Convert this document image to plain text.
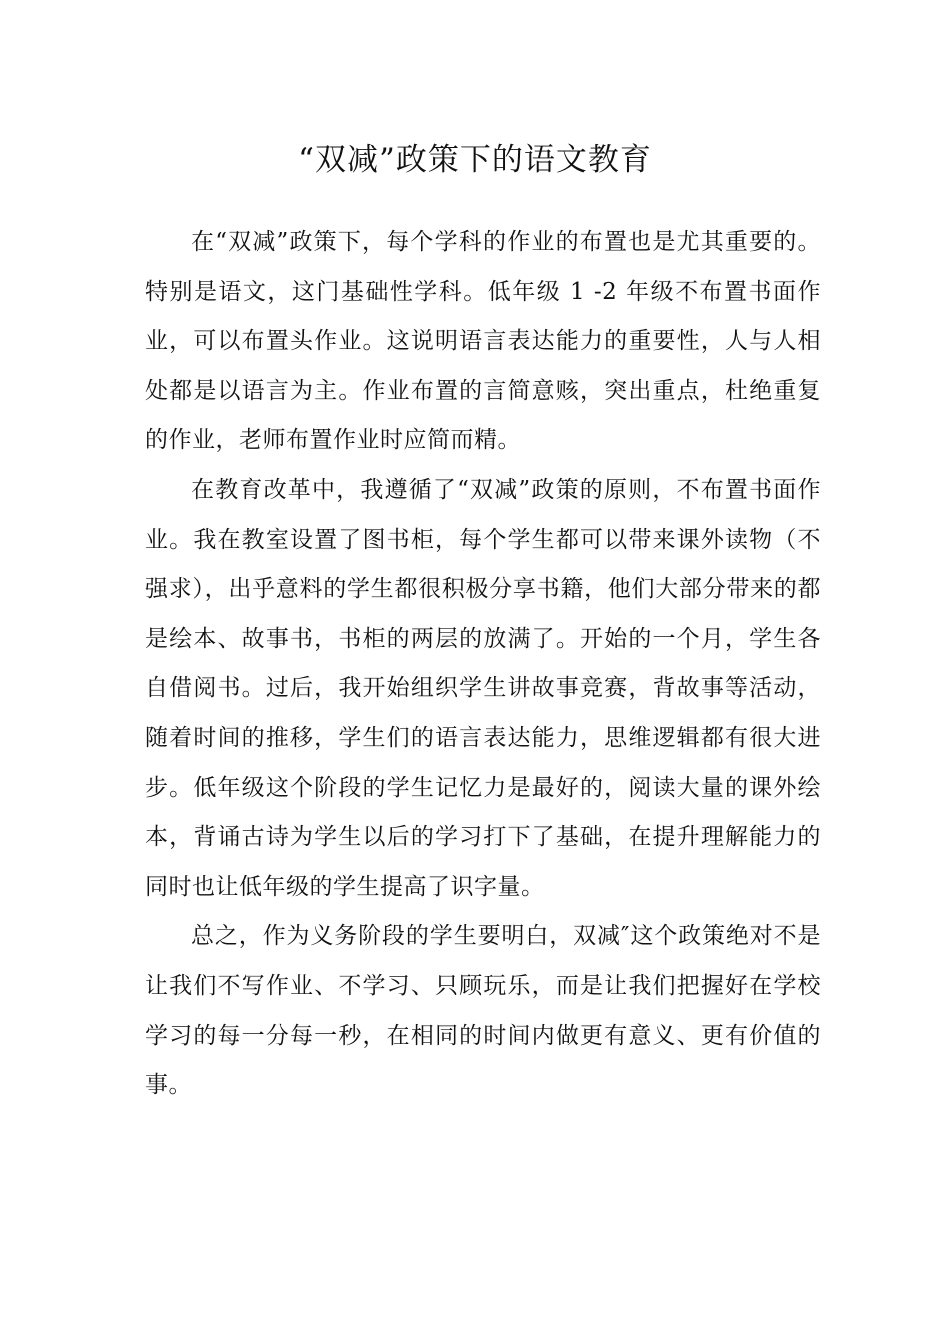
“双减”政策下的语文教育

在“双减”政策下，每个学科的作业的布置也是尤其重要的。特别是语文，这门基础性学科。低年级 1 -2 年级不布置书面作业，可以布置头作业。这说明语言表达能力的重要性，人与人相处都是以语言为主。作业布置的言简意赅，突出重点，杜绝重复的作业，老师布置作业时应简而精。

在教育改革中，我遵循了“双减”政策的原则，不布置书面作业。我在教室设置了图书柜，每个学生都可以带来课外读物（不强求），出乎意料的学生都很积极分享书籍，他们大部分带来的都是绘本、故事书，书柜的两层的放满了。开始的一个月，学生各自借阅书。过后，我开始组织学生讲故事竞赛，背故事等活动，随着时间的推移，学生们的语言表达能力，思维逻辑都有很大进步。低年级这个阶段的学生记忆力是最好的，阅读大量的课外绘本，背诵古诗为学生以后的学习打下了基础，在提升理解能力的同时也让低年级的学生提高了识字量。

总之，作为义务阶段的学生要明白，双减″这个政策绝对不是让我们不写作业、不学习、只顾玩乐，而是让我们把握好在学校学习的每一分每一秒，在相同的时间内做更有意义、更有价值的事。
